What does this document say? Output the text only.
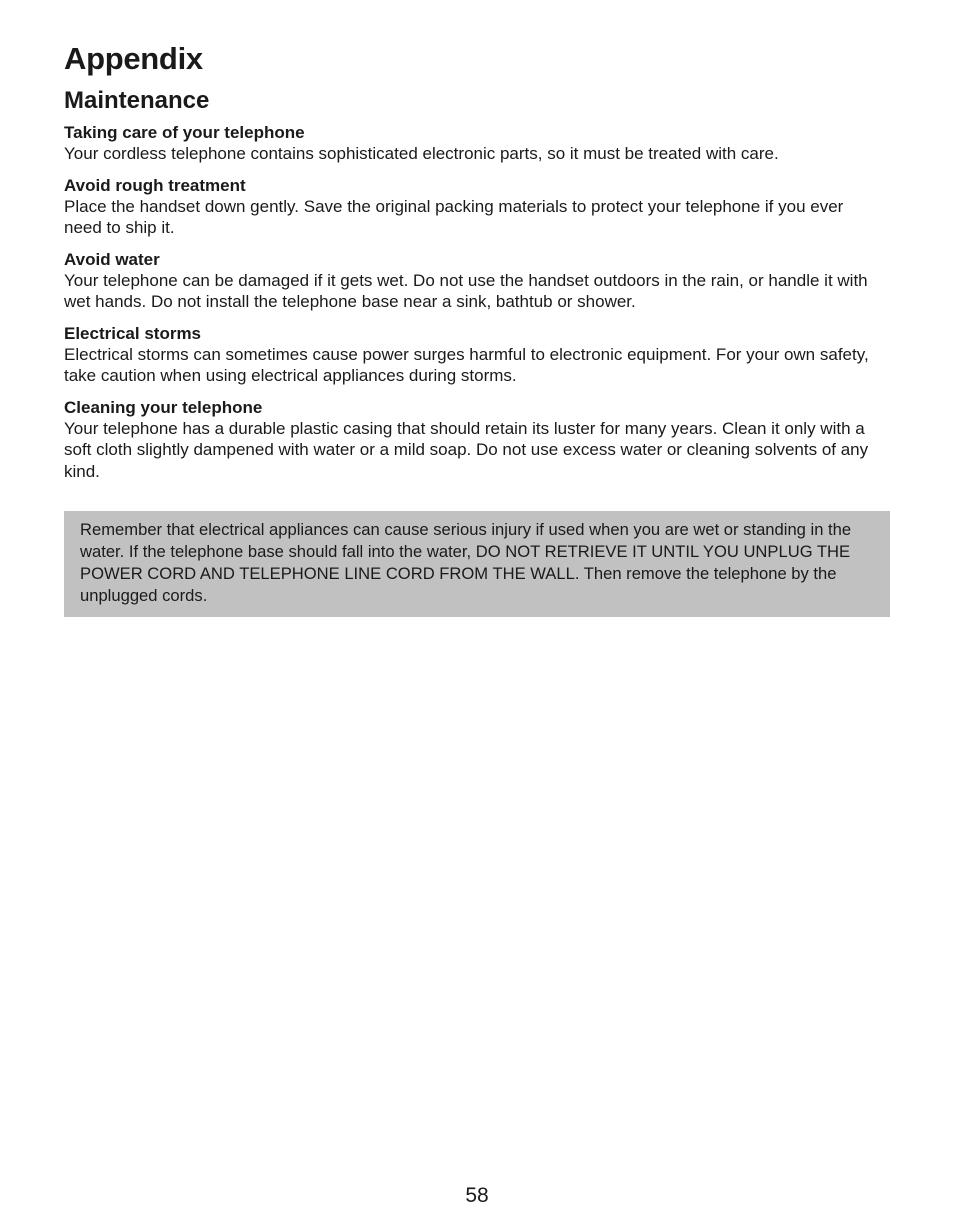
Appendix
Maintenance

Taking care of your telephone

Your cordless telephone contains sophisticated electronic parts, so it must be treated with care.

Avoid rough treatment

Place the handset down gently. Save the original packing materials to protect your telephone if you ever need to ship it.

Avoid water

Your telephone can be damaged if it gets wet. Do not use the handset outdoors in the rain, or handle it with wet hands. Do not install the telephone base near a sink, bathtub or shower.

Electrical storms

Electrical storms can sometimes cause power surges harmful to electronic equipment. For your own safety, take caution when using electrical appliances during storms.

Cleaning your telephone

Your telephone has a durable plastic casing that should retain its luster for many years. Clean it only with a soft cloth slightly dampened with water or a mild soap. Do not use excess water or cleaning solvents of any kind.

Remember that electrical appliances can cause serious injury if used when you are wet or standing in the water. If the telephone base should fall into the water, DO NOT RETRIEVE IT UNTIL YOU UNPLUG THE POWER CORD AND TELEPHONE LINE CORD FROM THE WALL. Then remove the telephone by the unplugged cords.
58
